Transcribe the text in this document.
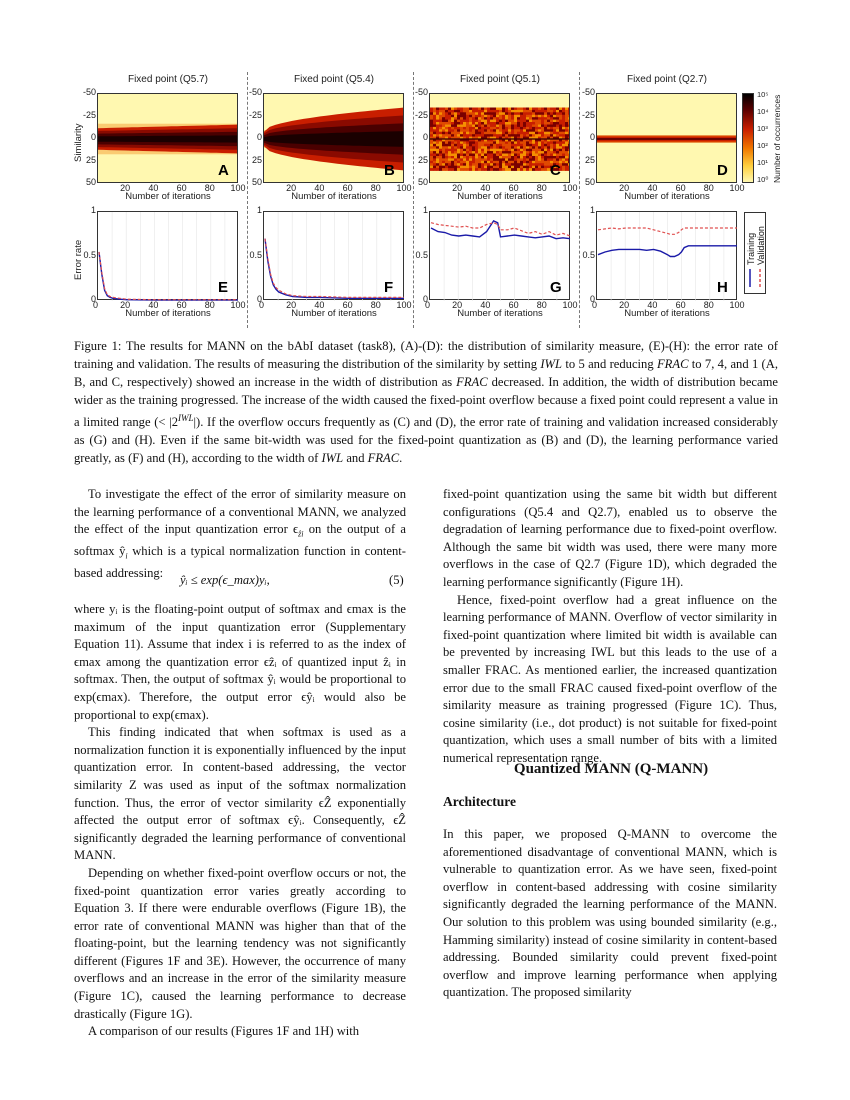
Similarity
Error rate
Fixed point (Q5.7)
A
-50
-25
0
25
50
20	40	60	80	100
Number of iterations
E
1
0.5
0
0	20	40	60	80	100
Number of iterations
Fixed point (Q5.4)
B
-50
-25
0
25
50
20	40	60	80	100
Number of iterations
F
1
0.5
0
0	20	40	60	80	100
Number of iterations
Fixed point (Q5.1)
C
-50
-25
0
25
50
20	40	60	80	100
Number of iterations
G
1
0.5
0
0	20	40	60	80	100
Number of iterations
Fixed point (Q2.7)
D
-50
-25
0
25
50
20	40	60	80	100
Number of iterations
H
1
0.5
0
0	20	40	60	80	100
Number of iterations
10⁵
10⁴
10³
10²
10¹
10⁰ Number of occurrences
Training Validation
Figure 1: The results for MANN on the bAbI dataset (task8), (A)-(D): the distribution of similarity measure, (E)-(H): the error rate of training and validation. The results of measuring the distribution of the similarity by setting IWL to 5 and reducing FRAC to 7, 4, and 1 (A, B, and C, respectively) showed an increase in the width of distribution as FRAC decreased. In addition, the width of distribution became wider as the training progressed. The increase of the width caused the fixed-point overflow because a fixed point could represent a value in a limited range (< $|2^{IWL}|$). If the overflow occurs frequently as (C) and (D), the error rate of training and validation increased considerably as (G) and (H). Even if the same bit-width was used for the fixed-point quantization as (B) and (D), the learning performance varied greatly, as (F) and (H), according to the width of IWL and FRAC.

To investigate the effect of the error of similarity measure on the learning performance of a conventional MANN, we analyzed the effect of the input quantization error $\epsilon_{ẑi}$ on the output of a softmax $ŷ_i$ which is a typical normalization function in content-based addressing:	ŷᵢ ≤ exp(ϵ_max)yᵢ,	(5)

where yᵢ is the floating-point output of softmax and ϵmax is the maximum of the input quantization error (Supplementary Equation 11). Assume that index i is referred to as the index of ϵmax among the quantization error ϵẑᵢ of quantized input ẑᵢ in softmax. Then, the output of softmax ŷᵢ would be proportional to exp(ϵmax). Therefore, the output error ϵŷᵢ would also be proportional to exp(ϵmax).

This finding indicated that when softmax is used as a normalization function it is exponentially influenced by the input quantization error. In content-based addressing, the vector similarity Z was used as input of the softmax normalization function. Thus, the error of vector similarity ϵẐ exponentially affected the output error of softmax ϵŷᵢ. Consequently, ϵẐ significantly degraded the learning performance of conventional MANN.

Depending on whether fixed-point overflow occurs or not, the fixed-point quantization error varies greatly according to Equation 3. If there were endurable overflows (Figure 1B), the error rate of conventional MANN was higher than that of the floating-point, but the learning tendency was not significantly different (Figures 1F and 3E). However, the occurrence of many overflows and an increase in the error of the similarity measure (Figure 1C), caused the learning performance to decrease drastically (Figure 1G).

A comparison of our results (Figures 1F and 1H) with

fixed-point quantization using the same bit width but different configurations (Q5.4 and Q2.7), enabled us to observe the degradation of learning performance due to fixed-point overflow. Although the same bit width was used, there were many more overflows in the case of Q2.7 (Figure 1D), which degraded the learning performance significantly (Figure 1H).

Hence, fixed-point overflow had a great influence on the learning performance of MANN. Overflow of vector similarity in fixed-point quantization where limited bit width is available can be prevented by increasing IWL but this leads to the use of a smaller FRAC. As mentioned earlier, the increased quantization error due to the small FRAC caused fixed-point overflow of the similarity measure as training progressed (Figure 1C). Thus, cosine similarity (i.e., dot product) is not suitable for fixed-point quantization, which uses a small number of bits with a limited numerical representation range.

Quantized MANN (Q-MANN)
Architecture

In this paper, we proposed Q-MANN to overcome the aforementioned disadvantage of conventional MANN, which is vulnerable to quantization error. As we have seen, fixed-point overflow in content-based addressing with cosine similarity significantly degraded the learning performance of the MANN. Our solution to this problem was using bounded similarity (e.g., Hamming similarity) instead of cosine similarity in content-based addressing. Bounded similarity could prevent fixed-point overflow and improve learning performance when applying quantization. The proposed similarity
